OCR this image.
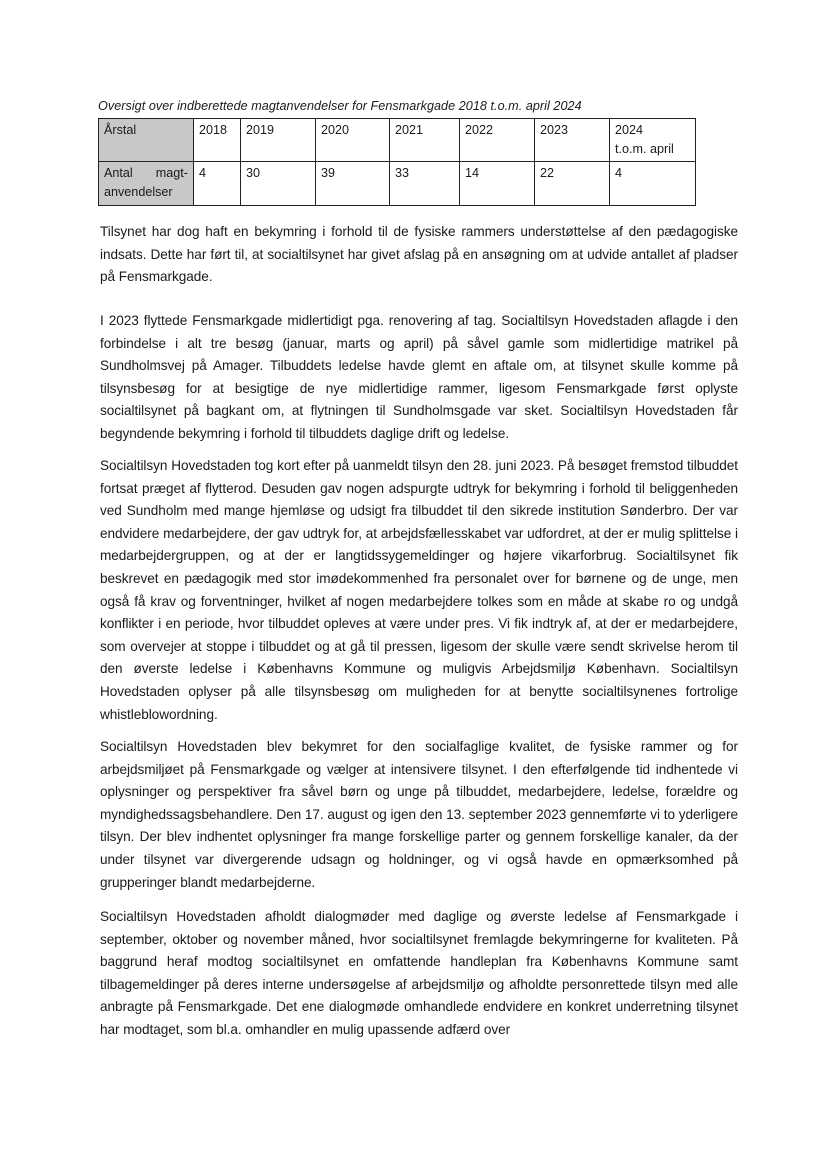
Oversigt over indberettede magtanvendelser for Fensmarkgade 2018 t.o.m. april 2024
Årstal	2018	2019	2020	2021	2022	2023	2024
t.o.m. april

Antal magt-
anvendelser	4	30	39	33	14	22	4

Tilsynet har dog haft en bekymring i forhold til de fysiske rammers understøttelse af den pædagogiske indsats. Dette har ført til, at socialtilsynet har givet afslag på en ansøgning om at udvide antallet af pladser på Fensmarkgade.

I 2023 flyttede Fensmarkgade midlertidigt pga. renovering af tag. Socialtilsyn Hovedstaden aflagde i den forbindelse i alt tre besøg (januar, marts og april) på såvel gamle som midlertidige matrikel på Sundholmsvej på Amager. Tilbuddets ledelse havde glemt en aftale om, at tilsynet skulle komme på tilsynsbesøg for at besigtige de nye midlertidige rammer, ligesom Fensmarkgade først oplyste socialtilsynet på bagkant om, at flytningen til Sundholmsgade var sket. Socialtilsyn Hovedstaden får begyndende bekymring i forhold til tilbuddets daglige drift og ledelse.

Socialtilsyn Hovedstaden tog kort efter på uanmeldt tilsyn den 28. juni 2023. På besøget fremstod tilbuddet fortsat præget af flytterod. Desuden gav nogen adspurgte udtryk for bekymring i forhold til beliggenheden ved Sundholm med mange hjemløse og udsigt fra tilbuddet til den sikrede institution Sønderbro. Der var endvidere medarbejdere, der gav udtryk for, at arbejdsfællesskabet var udfordret, at der er mulig splittelse i medarbejdergruppen, og at der er langtidssygemeldinger og højere vikarforbrug. Socialtilsynet fik beskrevet en pædagogik med stor imødekommenhed fra personalet over for børnene og de unge, men også få krav og forventninger, hvilket af nogen medarbejdere tolkes som en måde at skabe ro og undgå konflikter i en periode, hvor tilbuddet opleves at være under pres. Vi fik indtryk af, at der er medarbejdere, som overvejer at stoppe i tilbuddet og at gå til pressen, ligesom der skulle være sendt skrivelse herom til den øverste ledelse i Københavns Kommune og muligvis Arbejdsmiljø København. Socialtilsyn Hovedstaden oplyser på alle tilsynsbesøg om muligheden for at benytte socialtilsynenes fortrolige whistleblowordning.

Socialtilsyn Hovedstaden blev bekymret for den socialfaglige kvalitet, de fysiske rammer og for arbejdsmiljøet på Fensmarkgade og vælger at intensivere tilsynet. I den efterfølgende tid indhentede vi oplysninger og perspektiver fra såvel børn og unge på tilbuddet, medarbejdere, ledelse, forældre og myndighedssagsbehandlere. Den 17. august og igen den 13. september 2023 gennemførte vi to yderligere tilsyn. Der blev indhentet oplysninger fra mange forskellige parter og gennem forskellige kanaler, da der under tilsynet var divergerende udsagn og holdninger, og vi også havde en opmærksomhed på grupperinger blandt medarbejderne.

Socialtilsyn Hovedstaden afholdt dialogmøder med daglige og øverste ledelse af Fensmarkgade i september, oktober og november måned, hvor socialtilsynet fremlagde bekymringerne for kvaliteten. På baggrund heraf modtog socialtilsynet en omfattende handleplan fra Københavns Kommune samt tilbagemeldinger på deres interne undersøgelse af arbejdsmiljø og afholdte personrettede tilsyn med alle anbragte på Fensmarkgade. Det ene dialogmøde omhandlede endvidere en konkret underretning tilsynet har modtaget, som bl.a. omhandler en mulig upassende adfærd over
